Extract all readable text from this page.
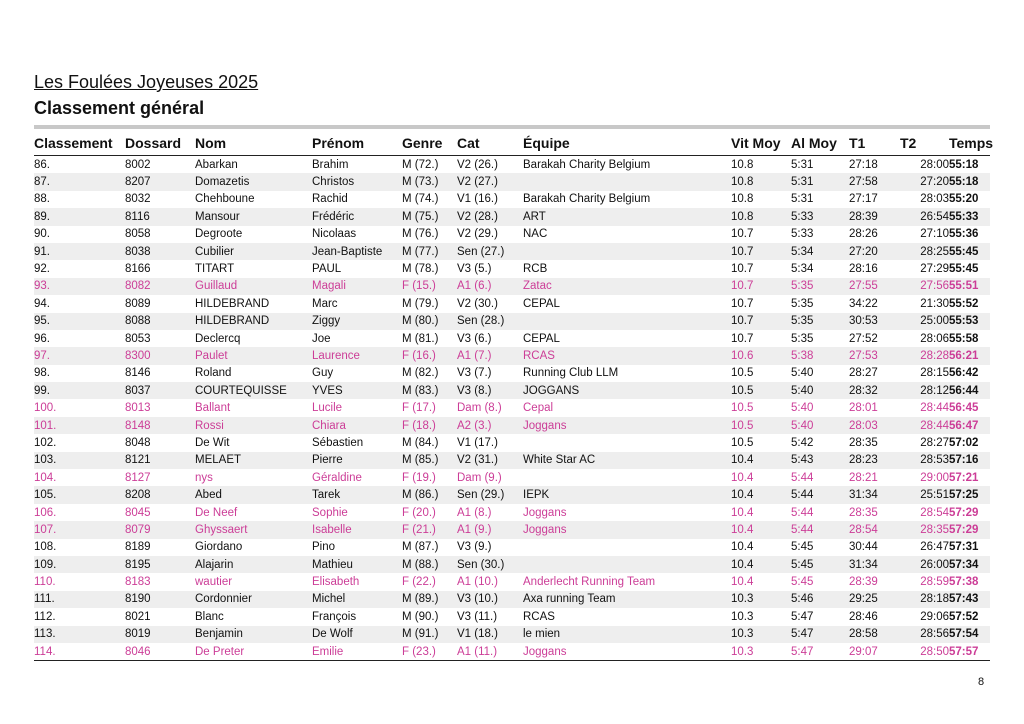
Les Foulées Joyeuses 2025
Classement général
Classement	Dossard	Nom	Prénom	Genre	Cat	Équipe	Vit Moy	Al Moy	T1	T2	Temps
86.	8002	Abarkan	Brahim	M (72.)	V2 (26.)	Barakah Charity Belgium	10.8	5:31	27:18	28:00	55:18
87.	8207	Domazetis	Christos	M (73.)	V2 (27.)		10.8	5:31	27:58	27:20	55:18
88.	8032	Chehboune	Rachid	M (74.)	V1 (16.)	Barakah Charity Belgium	10.8	5:31	27:17	28:03	55:20
89.	8116	Mansour	Frédéric	M (75.)	V2 (28.)	ART	10.8	5:33	28:39	26:54	55:33
90.	8058	Degroote	Nicolaas	M (76.)	V2 (29.)	NAC	10.7	5:33	28:26	27:10	55:36
91.	8038	Cubilier	Jean-Baptiste	M (77.)	Sen (27.)		10.7	5:34	27:20	28:25	55:45
92.	8166	TITART	PAUL	M (78.)	V3 (5.)	RCB	10.7	5:34	28:16	27:29	55:45
93.	8082	Guillaud	Magali	F (15.)	A1 (6.)	Zatac	10.7	5:35	27:55	27:56	55:51
94.	8089	HILDEBRAND	Marc	M (79.)	V2 (30.)	CEPAL	10.7	5:35	34:22	21:30	55:52
95.	8088	HILDEBRAND	Ziggy	M (80.)	Sen (28.)		10.7	5:35	30:53	25:00	55:53
96.	8053	Declercq	Joe	M (81.)	V3 (6.)	CEPAL	10.7	5:35	27:52	28:06	55:58
97.	8300	Paulet	Laurence	F (16.)	A1 (7.)	RCAS	10.6	5:38	27:53	28:28	56:21
98.	8146	Roland	Guy	M (82.)	V3 (7.)	Running Club LLM	10.5	5:40	28:27	28:15	56:42
99.	8037	COURTEQUISSE	YVES	M (83.)	V3 (8.)	JOGGANS	10.5	5:40	28:32	28:12	56:44
100.	8013	Ballant	Lucile	F (17.)	Dam (8.)	Cepal	10.5	5:40	28:01	28:44	56:45
101.	8148	Rossi	Chiara	F (18.)	A2 (3.)	Joggans	10.5	5:40	28:03	28:44	56:47
102.	8048	De Wit	Sébastien	M (84.)	V1 (17.)		10.5	5:42	28:35	28:27	57:02
103.	8121	MELAET	Pierre	M (85.)	V2 (31.)	White Star AC	10.4	5:43	28:23	28:53	57:16
104.	8127	nys	Géraldine	F (19.)	Dam (9.)		10.4	5:44	28:21	29:00	57:21
105.	8208	Abed	Tarek	M (86.)	Sen (29.)	IEPK	10.4	5:44	31:34	25:51	57:25
106.	8045	De Neef	Sophie	F (20.)	A1 (8.)	Joggans	10.4	5:44	28:35	28:54	57:29
107.	8079	Ghyssaert	Isabelle	F (21.)	A1 (9.)	Joggans	10.4	5:44	28:54	28:35	57:29
108.	8189	Giordano	Pino	M (87.)	V3 (9.)		10.4	5:45	30:44	26:47	57:31
109.	8195	Alajarin	Mathieu	M (88.)	Sen (30.)		10.4	5:45	31:34	26:00	57:34
110.	8183	wautier	Elisabeth	F (22.)	A1 (10.)	Anderlecht Running Team	10.4	5:45	28:39	28:59	57:38
111.	8190	Cordonnier	Michel	M (89.)	V3 (10.)	Axa running Team	10.3	5:46	29:25	28:18	57:43
112.	8021	Blanc	François	M (90.)	V3 (11.)	RCAS	10.3	5:47	28:46	29:06	57:52
113.	8019	Benjamin	De Wolf	M (91.)	V1 (18.)	le mien	10.3	5:47	28:58	28:56	57:54
114.	8046	De Preter	Emilie	F (23.)	A1 (11.)	Joggans	10.3	5:47	29:07	28:50	57:57
8
